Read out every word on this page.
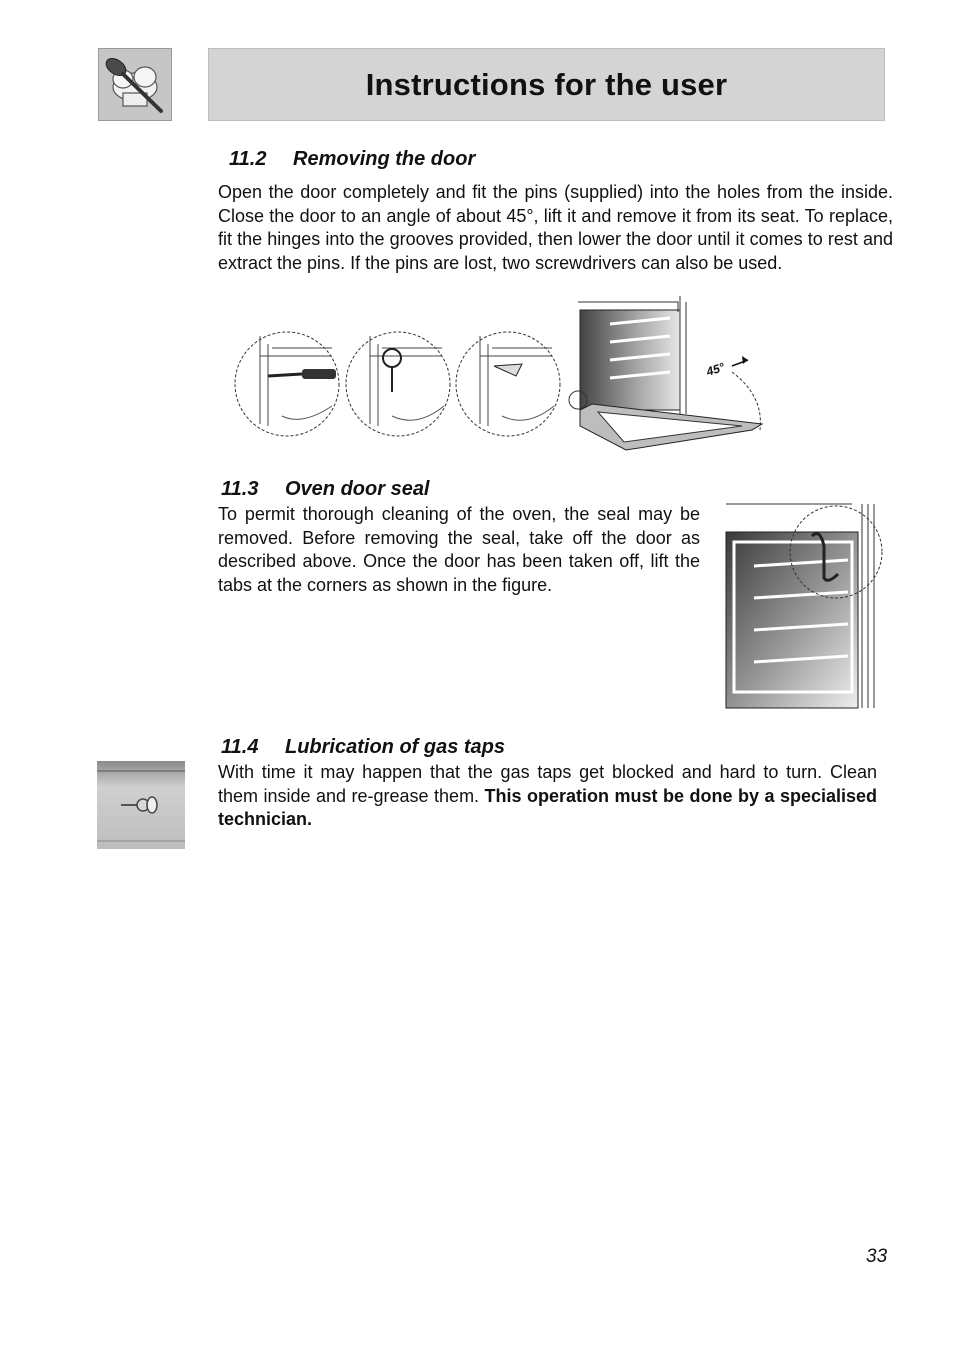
Instructions for the user
11.2 Removing the door

Open the door completely and fit the pins (supplied) into the holes from the inside. Close the door to an angle of about 45°, lift it and remove it from its seat. To replace, fit the hinges into the grooves provided, then lower the door until it comes to rest and extract the pins. If the pins are lost, two screwdrivers can also be used.

45°
11.3 Oven door seal

To permit thorough cleaning of the oven, the seal may be removed. Before removing the seal, take off the door as described above. Once the door has been taken off, lift the tabs at the corners as shown in the figure.

11.4 Lubrication of gas taps

With time it may happen that the gas taps get blocked and hard to turn. Clean them inside and re-grease them. This operation must be done by a specialised technician.

33
